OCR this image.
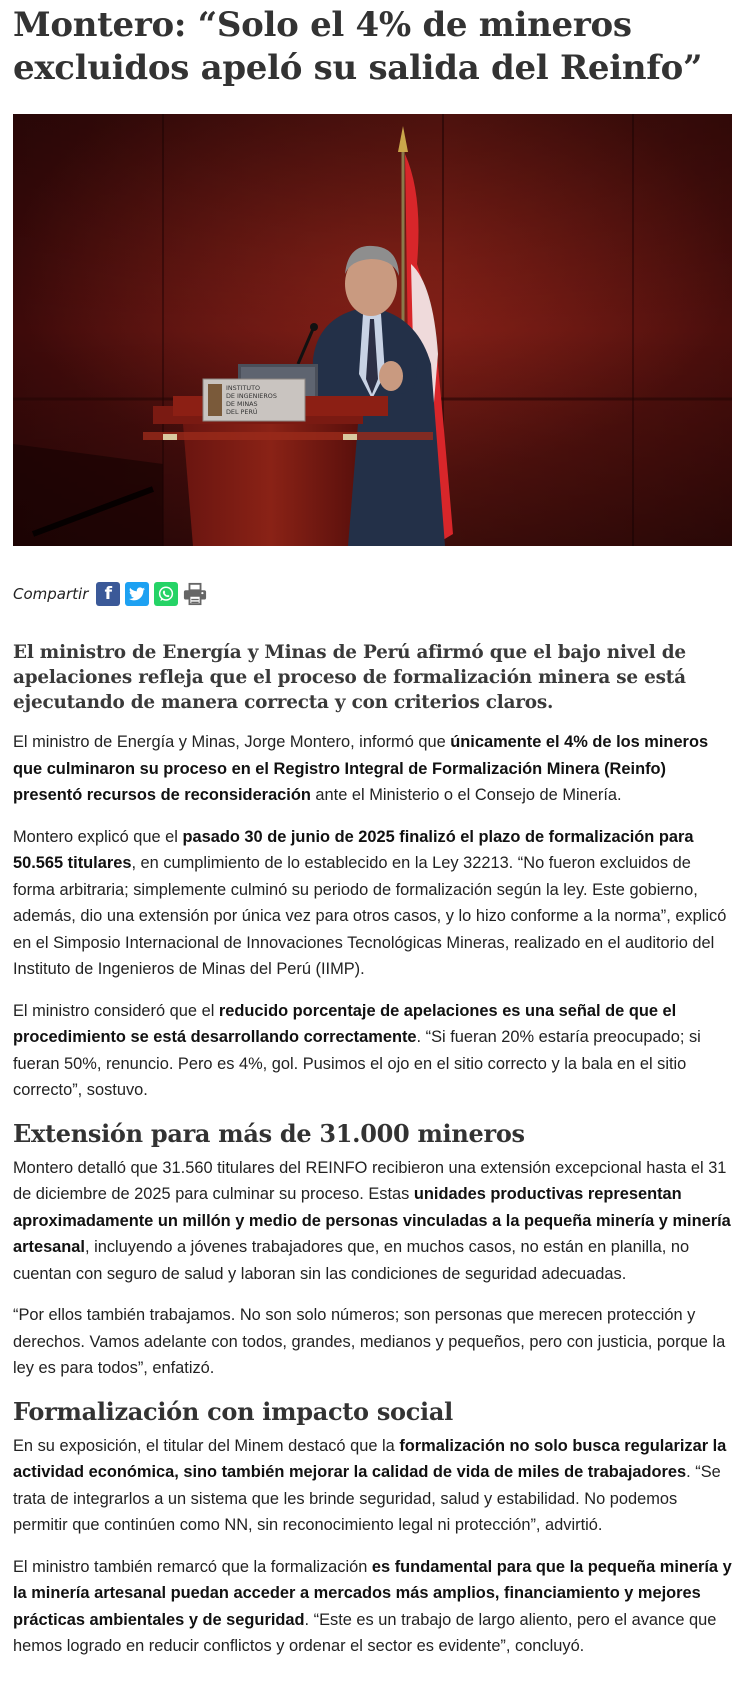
Montero: “Solo el 4% de mineros excluidos apeló su salida del Reinfo”
INSTITUTO
DE INGENIEROS
DE MINAS
DEL PERÚ
Compartir f
El ministro de Energía y Minas de Perú afirmó que el bajo nivel de apelaciones refleja que el proceso de formalización minera se está ejecutando de manera correcta y con criterios claros.

El ministro de Energía y Minas, Jorge Montero, informó que únicamente el 4% de los mineros que culminaron su proceso en el Registro Integral de Formalización Minera (Reinfo) presentó recursos de reconsideración ante el Ministerio o el Consejo de Minería.

Montero explicó que el pasado 30 de junio de 2025 finalizó el plazo de formalización para 50.565 titulares, en cumplimiento de lo establecido en la Ley 32213. “No fueron excluidos de forma arbitraria; simplemente culminó su periodo de formalización según la ley. Este gobierno, además, dio una extensión por única vez para otros casos, y lo hizo conforme a la norma”, explicó en el Simposio Internacional de Innovaciones Tecnológicas Mineras, realizado en el auditorio del Instituto de Ingenieros de Minas del Perú (IIMP).

El ministro consideró que el reducido porcentaje de apelaciones es una señal de que el procedimiento se está desarrollando correctamente. “Si fueran 20% estaría preocupado; si fueran 50%, renuncio. Pero es 4%, gol. Pusimos el ojo en el sitio correcto y la bala en el sitio correcto”, sostuvo.

Extensión para más de 31.000 mineros

Montero detalló que 31.560 titulares del REINFO recibieron una extensión excepcional hasta el 31 de diciembre de 2025 para culminar su proceso. Estas unidades productivas representan aproximadamente un millón y medio de personas vinculadas a la pequeña minería y minería artesanal, incluyendo a jóvenes trabajadores que, en muchos casos, no están en planilla, no cuentan con seguro de salud y laboran sin las condiciones de seguridad adecuadas.

“Por ellos también trabajamos. No son solo números; son personas que merecen protección y derechos. Vamos adelante con todos, grandes, medianos y pequeños, pero con justicia, porque la ley es para todos”, enfatizó.

Formalización con impacto social

En su exposición, el titular del Minem destacó que la formalización no solo busca regularizar la actividad económica, sino también mejorar la calidad de vida de miles de trabajadores. “Se trata de integrarlos a un sistema que les brinde seguridad, salud y estabilidad. No podemos permitir que continúen como NN, sin reconocimiento legal ni protección”, advirtió.

El ministro también remarcó que la formalización es fundamental para que la pequeña minería y la minería artesanal puedan acceder a mercados más amplios, financiamiento y mejores prácticas ambientales y de seguridad. “Este es un trabajo de largo aliento, pero el avance que hemos logrado en reducir conflictos y ordenar el sector es evidente”, concluyó.
